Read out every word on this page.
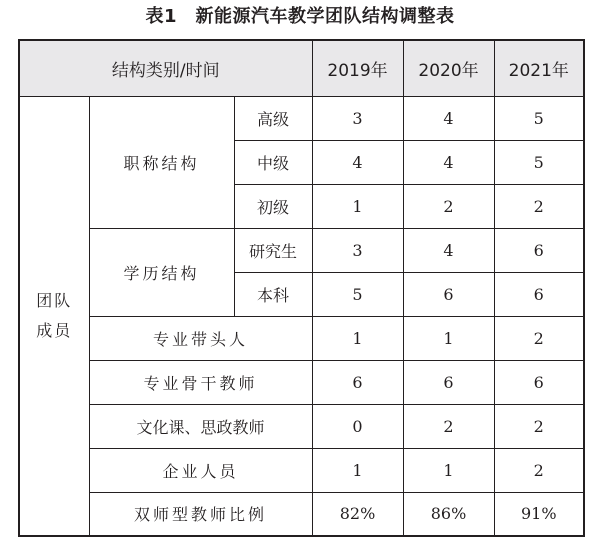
表1　新能源汽车教学团队结构调整表
结构类别/时间			2019年	2020年	2021年
团队
成员	职称结构	高级	3	4	5
		中级	4	4	5
		初级	1	2	2
	学历结构	研究生	3	4	6
		本科	5	6	6
	专业带头人		1	1	2
	专业骨干教师		6	6	6
	文化课、思政教师		0	2	2
	企业人员		1	1	2
	双师型教师比例		82%	86%	91%
